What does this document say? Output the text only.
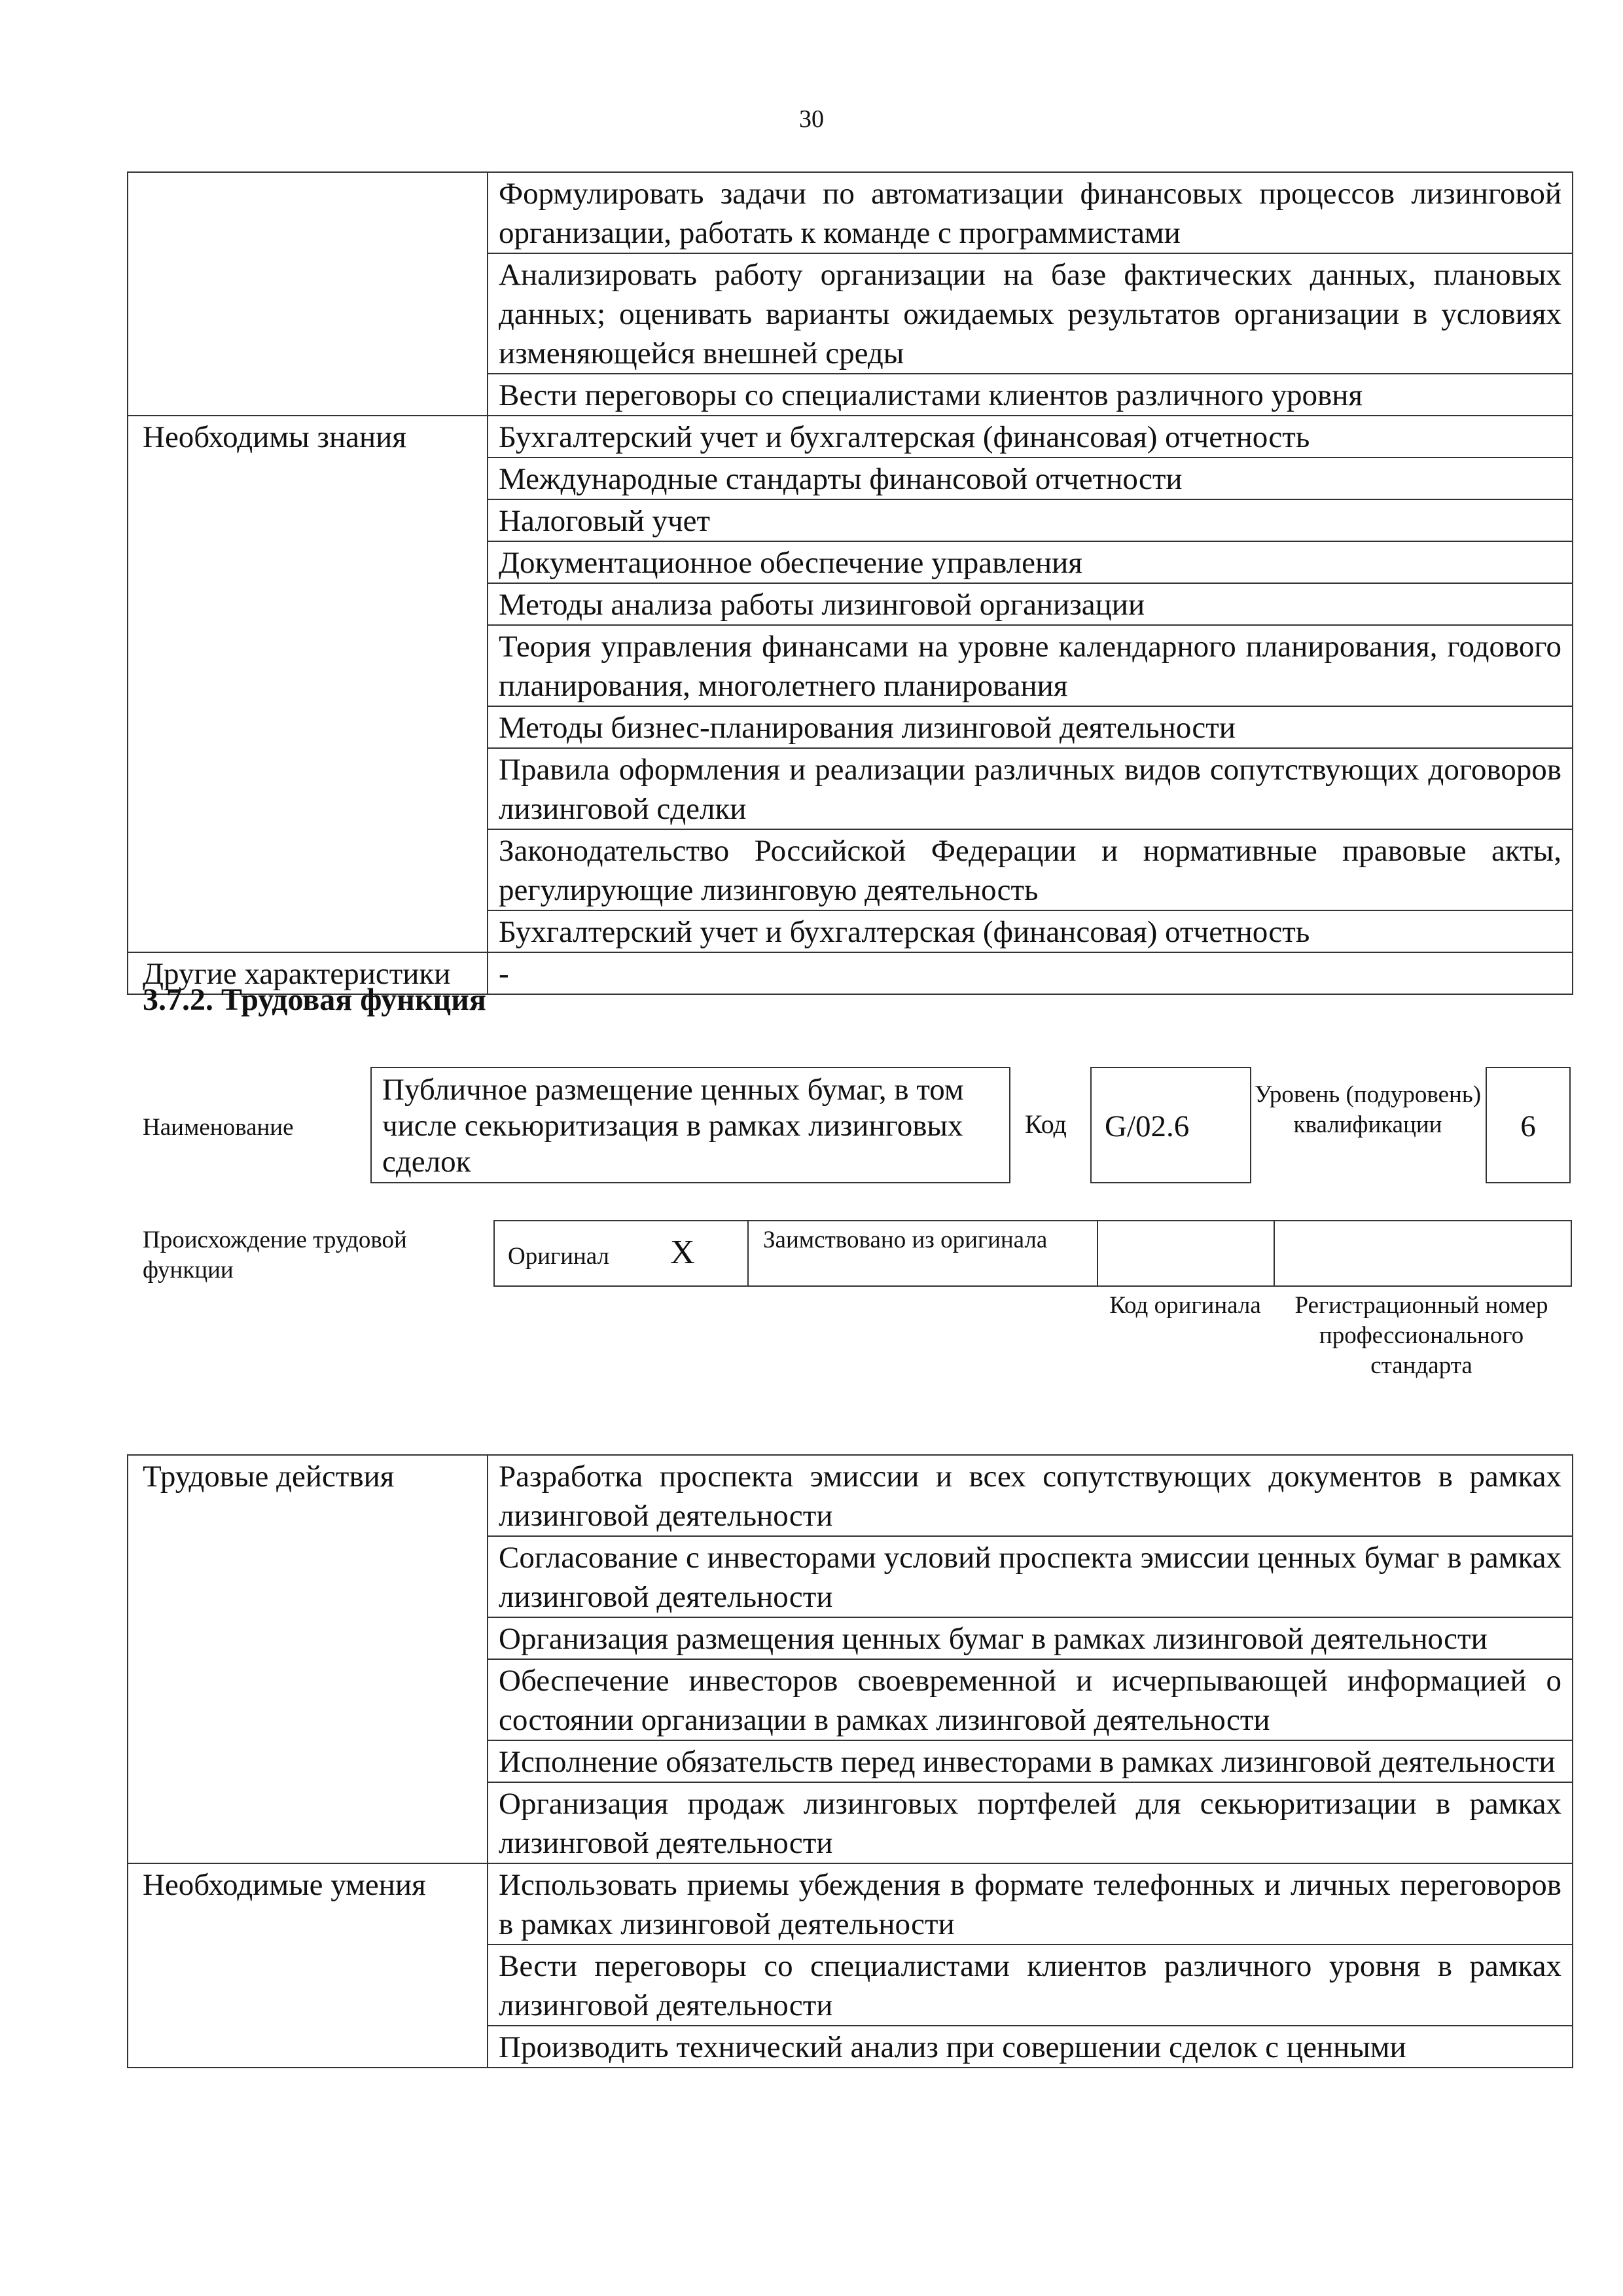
30
	Формулировать задачи по автоматизации финансовых процессов лизинговой организации, работать к команде с программистами
	Анализировать работу организации на базе фактических данных, плановых данных; оценивать варианты ожидаемых результатов организации в условиях изменяющейся внешней среды
	Вести переговоры со специалистами клиентов различного уровня
Необходимы знания	Бухгалтерский учет и бухгалтерская (финансовая) отчетность
	Международные стандарты финансовой отчетности
	Налоговый учет
	Документационное обеспечение управления
	Методы анализа работы лизинговой организации
	Теория управления финансами на уровне календарного планирования, годового планирования, многолетнего планирования
	Методы бизнес-планирования лизинговой деятельности
	Правила оформления и реализации различных видов сопутствующих договоров лизинговой сделки
	Законодательство Российской Федерации и нормативные правовые акты, регулирующие лизинговую деятельность
	Бухгалтерский учет и бухгалтерская (финансовая) отчетность
Другие характеристики	-
3.7.2. Трудовая функция
Наименование
Публичное размещение ценных бумаг, в том числе секьюритизация в рамках лизинговых сделок
Код	G/02.6
Уровень (подуровень) квалификации	6
Происхождение трудовой функции
Оригинал X	Заимствовано из оригинала
Код оригинала	Регистрационный номер профессионального стандарта
Трудовые действия	Разработка проспекта эмиссии и всех сопутствующих документов в рамках лизинговой деятельности
	Согласование с инвесторами условий проспекта эмиссии ценных бумаг в рамках лизинговой деятельности
	Организация размещения ценных бумаг в рамках лизинговой деятельности
	Обеспечение инвесторов своевременной и исчерпывающей информацией о состоянии организации в рамках лизинговой деятельности
	Исполнение обязательств перед инвесторами в рамках лизинговой деятельности
	Организация продаж лизинговых портфелей для секьюритизации в рамках лизинговой деятельности
Необходимые умения	Использовать приемы убеждения в формате телефонных и личных переговоров в рамках лизинговой деятельности
	Вести переговоры со специалистами клиентов различного уровня в рамках лизинговой деятельности
	Производить технический анализ при совершении сделок с ценными
